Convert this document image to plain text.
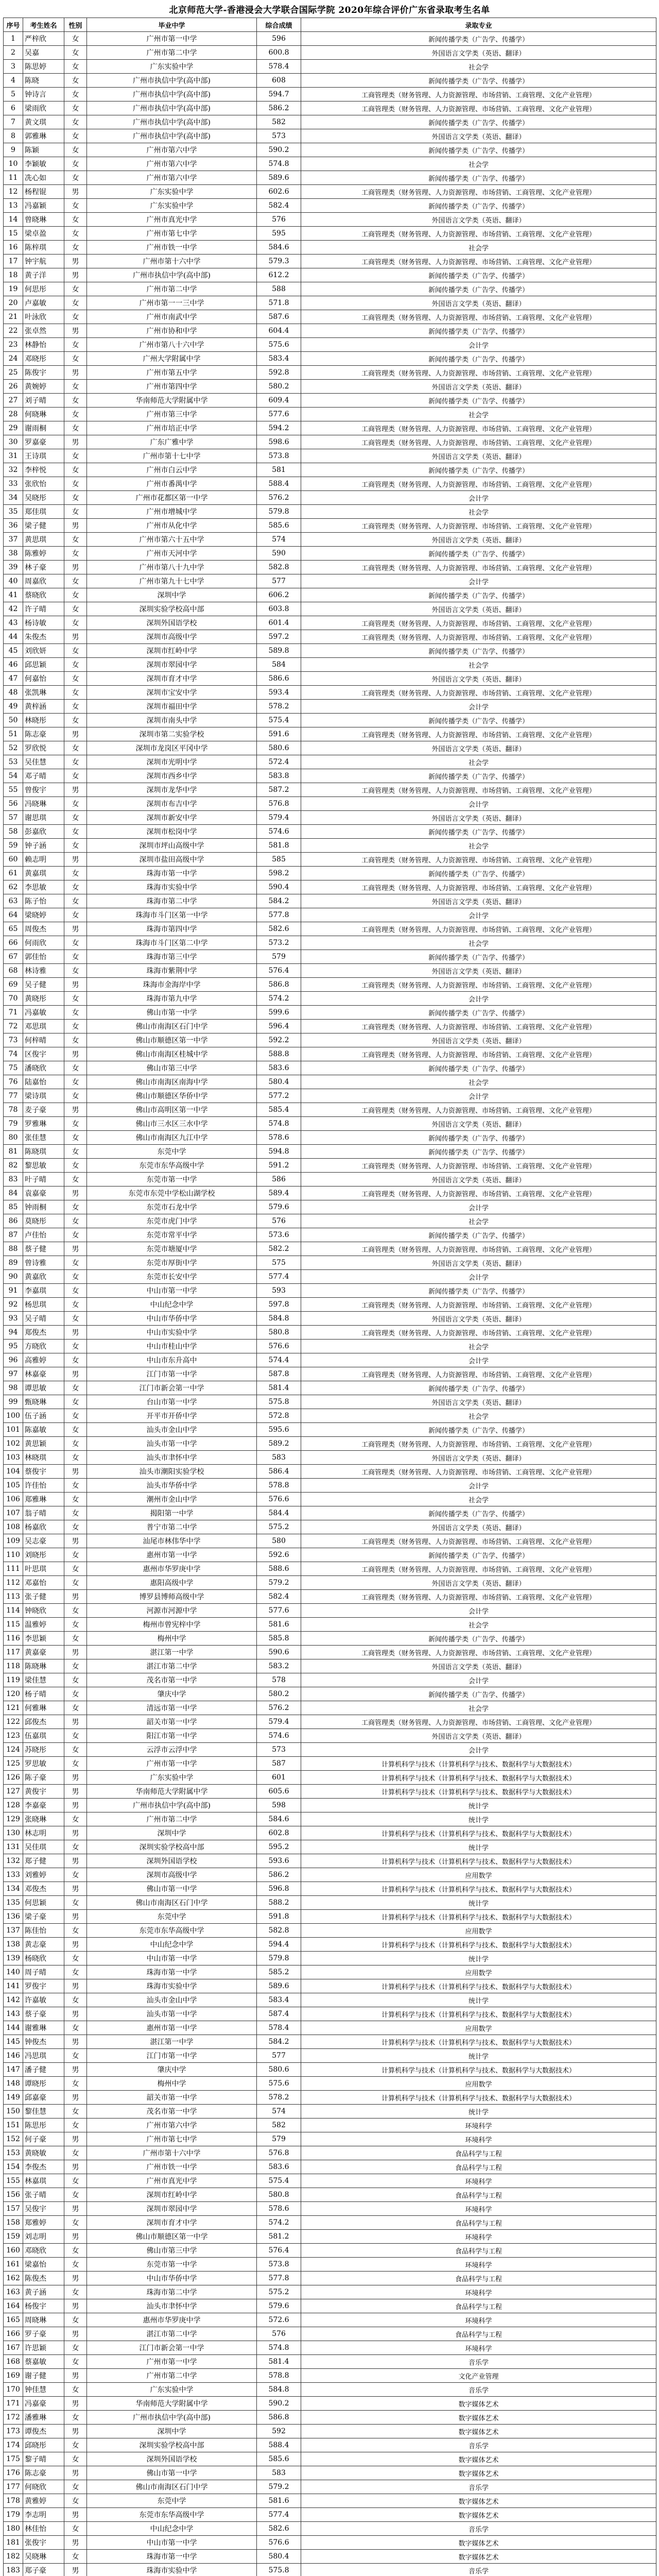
北京师范大学-香港浸会大学联合国际学院 2020年综合评价广东省录取考生名单
序号	考生姓名	性别	毕业中学	综合成绩	录取专业
1	严梓欣	女	广州市第一中学	596	新闻传播学类（广告学、传播学）
2	吴嘉	女	广州市第二中学	600.8	外国语言文学类（英语、翻译）
3	陈思婷	女	广东实验中学	578.4	社会学
4	陈晓	女	广州市执信中学(高中部)	608	新闻传播学类（广告学、传播学）
5	钟诗言	女	广州市执信中学(高中部)	594.7	工商管理类（财务管理、人力资源管理、市场营销、工商管理、文化产业管理）
6	梁雨欣	女	广州市执信中学(高中部)	586.2	工商管理类（财务管理、人力资源管理、市场营销、工商管理、文化产业管理）
7	黄文琪	女	广州市执信中学(高中部)	582	新闻传播学类（广告学、传播学）
8	郭雅琳	女	广州市执信中学(高中部)	573	外国语言文学类（英语、翻译）
9	陈颖	女	广州市第六中学	590.2	新闻传播学类（广告学、传播学）
10	李颖敏	女	广州市第六中学	574.8	社会学
11	冼心如	女	广州市第六中学	589.6	新闻传播学类（广告学、传播学）
12	杨程锟	男	广东实验中学	602.6	工商管理类（财务管理、人力资源管理、市场营销、工商管理、文化产业管理）
13	冯嘉颖	女	广东实验中学	582.4	新闻传播学类（广告学、传播学）
14	曾晓琳	女	广州市真光中学	576	外国语言文学类（英语、翻译）
15	梁卓盈	女	广州市第七中学	595	工商管理类（财务管理、人力资源管理、市场营销、工商管理、文化产业管理）
16	陈梓琪	女	广州市铁一中学	584.6	社会学
17	钟宇航	男	广州市第十六中学	579.3	工商管理类（财务管理、人力资源管理、市场营销、工商管理、文化产业管理）
18	黄子洋	男	广州市执信中学(高中部)	612.2	新闻传播学类（广告学、传播学）
19	何思彤	女	广州市第二中学	588	新闻传播学类（广告学、传播学）
20	卢嘉敏	女	广州市第一一三中学	571.8	外国语言文学类（英语、翻译）
21	叶泳欣	女	广州市南武中学	587.6	工商管理类（财务管理、人力资源管理、市场营销、工商管理、文化产业管理）
22	张卓然	男	广州市协和中学	604.4	新闻传播学类（广告学、传播学）
23	林静怡	女	广州市第八十六中学	575.6	会计学
24	邓晓彤	女	广州大学附属中学	583.4	新闻传播学类（广告学、传播学）
25	陈俊宇	男	广州市第五中学	592.8	工商管理类（财务管理、人力资源管理、市场营销、工商管理、文化产业管理）
26	黄婉婷	女	广州市第四中学	580.2	外国语言文学类（英语、翻译）
27	刘子晴	女	华南师范大学附属中学	609.4	新闻传播学类（广告学、传播学）
28	何晓琳	女	广州市第三中学	577.6	社会学
29	谢雨桐	女	广州市培正中学	594.2	工商管理类（财务管理、人力资源管理、市场营销、工商管理、文化产业管理）
30	罗嘉豪	男	广东广雅中学	598.6	工商管理类（财务管理、人力资源管理、市场营销、工商管理、文化产业管理）
31	王诗琪	女	广州市第十七中学	573.8	外国语言文学类（英语、翻译）
32	李梓悦	女	广州市白云中学	581	新闻传播学类（广告学、传播学）
33	张欣怡	女	广州市番禺中学	588.4	工商管理类（财务管理、人力资源管理、市场营销、工商管理、文化产业管理）
34	吴晓彤	女	广州市花都区第一中学	576.2	会计学
35	郑佳琪	女	广州市增城中学	579.8	社会学
36	梁子健	男	广州市从化中学	585.6	工商管理类（财务管理、人力资源管理、市场营销、工商管理、文化产业管理）
37	黄思琪	女	广州市第六十五中学	574	外国语言文学类（英语、翻译）
38	陈雅婷	女	广州市天河中学	590	新闻传播学类（广告学、传播学）
39	林子豪	男	广州市第八十九中学	582.8	工商管理类（财务管理、人力资源管理、市场营销、工商管理、文化产业管理）
40	周嘉欣	女	广州市第九十七中学	577	会计学
41	蔡晓欣	女	深圳中学	606.2	新闻传播学类（广告学、传播学）
42	许子晴	女	深圳实验学校高中部	603.8	外国语言文学类（英语、翻译）
43	杨诗敏	女	深圳外国语学校	601.4	工商管理类（财务管理、人力资源管理、市场营销、工商管理、文化产业管理）
44	朱俊杰	男	深圳市高级中学	597.2	工商管理类（财务管理、人力资源管理、市场营销、工商管理、文化产业管理）
45	刘欣妍	女	深圳市红岭中学	589.8	新闻传播学类（广告学、传播学）
46	邱思颖	女	深圳市翠园中学	584	社会学
47	何嘉怡	女	深圳市育才中学	586.6	外国语言文学类（英语、翻译）
48	张凯琳	女	深圳市宝安中学	593.4	工商管理类（财务管理、人力资源管理、市场营销、工商管理、文化产业管理）
49	黄梓涵	女	深圳市福田中学	578.2	会计学
50	林晓彤	女	深圳市南头中学	575.4	新闻传播学类（广告学、传播学）
51	陈志豪	男	深圳市第二实验学校	591.6	工商管理类（财务管理、人力资源管理、市场营销、工商管理、文化产业管理）
52	罗欣悦	女	深圳市龙岗区平冈中学	580.6	外国语言文学类（英语、翻译）
53	吴佳慧	女	深圳市光明中学	572.4	社会学
54	邓子晴	女	深圳市西乡中学	583.8	新闻传播学类（广告学、传播学）
55	曾俊宇	男	深圳市龙华中学	587.2	工商管理类（财务管理、人力资源管理、市场营销、工商管理、文化产业管理）
56	冯晓琳	女	深圳市布吉中学	576.8	会计学
57	谢思琪	女	深圳市新安中学	579.4	外国语言文学类（英语、翻译）
58	彭嘉欣	女	深圳市松岗中学	574.6	新闻传播学类（广告学、传播学）
59	钟子涵	女	深圳市坪山高级中学	581.8	社会学
60	赖志明	男	深圳市盐田高级中学	585	工商管理类（财务管理、人力资源管理、市场营销、工商管理、文化产业管理）
61	黄嘉琪	女	珠海市第一中学	598.2	新闻传播学类（广告学、传播学）
62	李思敏	女	珠海市实验中学	590.4	工商管理类（财务管理、人力资源管理、市场营销、工商管理、文化产业管理）
63	陈子怡	女	珠海市第二中学	584.2	外国语言文学类（英语、翻译）
64	梁晓婷	女	珠海市斗门区第一中学	577.8	会计学
65	周俊杰	男	珠海市第四中学	582.6	工商管理类（财务管理、人力资源管理、市场营销、工商管理、文化产业管理）
66	何雨欣	女	珠海市斗门区第二中学	573.2	社会学
67	郭佳怡	女	珠海市第三中学	579	新闻传播学类（广告学、传播学）
68	林诗雅	女	珠海市紫荆中学	576.4	外国语言文学类（英语、翻译）
69	吴子健	男	珠海市金海岸中学	586.8	工商管理类（财务管理、人力资源管理、市场营销、工商管理、文化产业管理）
70	黄晓彤	女	珠海市第九中学	574.2	会计学
71	冯嘉敏	女	佛山市第一中学	599.6	新闻传播学类（广告学、传播学）
72	邓思琪	女	佛山市南海区石门中学	596.4	工商管理类（财务管理、人力资源管理、市场营销、工商管理、文化产业管理）
73	何梓晴	女	佛山市顺德区第一中学	592.2	外国语言文学类（英语、翻译）
74	区俊宇	男	佛山市南海区桂城中学	588.8	工商管理类（财务管理、人力资源管理、市场营销、工商管理、文化产业管理）
75	潘晓欣	女	佛山市第三中学	583.6	新闻传播学类（广告学、传播学）
76	陆嘉怡	女	佛山市南海区南海中学	580.4	社会学
77	梁诗琪	女	佛山市顺德区华侨中学	577.2	会计学
78	麦子豪	男	佛山市高明区第一中学	585.4	工商管理类（财务管理、人力资源管理、市场营销、工商管理、文化产业管理）
79	罗雅琳	女	佛山市三水区三水中学	574.8	外国语言文学类（英语、翻译）
80	张佳慧	女	佛山市南海区九江中学	578.6	新闻传播学类（广告学、传播学）
81	陈晓琪	女	东莞中学	594.8	新闻传播学类（广告学、传播学）
82	黎思敏	女	东莞市东华高级中学	591.2	工商管理类（财务管理、人力资源管理、市场营销、工商管理、文化产业管理）
83	叶子晴	女	东莞市第一中学	586	外国语言文学类（英语、翻译）
84	袁嘉豪	男	东莞市东莞中学松山湖学校	589.4	工商管理类（财务管理、人力资源管理、市场营销、工商管理、文化产业管理）
85	钟雨桐	女	东莞市石龙中学	579.6	会计学
86	莫晓彤	女	东莞市虎门中学	576	社会学
87	卢佳怡	女	东莞市常平中学	573.6	新闻传播学类（广告学、传播学）
88	蔡子健	男	东莞市塘厦中学	582.2	工商管理类（财务管理、人力资源管理、市场营销、工商管理、文化产业管理）
89	曾诗雅	女	东莞市厚街中学	575	外国语言文学类（英语、翻译）
90	黄嘉欣	女	东莞市长安中学	577.4	会计学
91	李嘉琪	女	中山市第一中学	593	新闻传播学类（广告学、传播学）
92	杨思琪	女	中山纪念中学	597.8	工商管理类（财务管理、人力资源管理、市场营销、工商管理、文化产业管理）
93	吴子晴	女	中山市华侨中学	584.8	外国语言文学类（英语、翻译）
94	郑俊杰	男	中山市实验中学	580.8	工商管理类（财务管理、人力资源管理、市场营销、工商管理、文化产业管理）
95	方晓欣	女	中山市桂山中学	576.6	社会学
96	高雅婷	女	中山市东升高中	574.4	会计学
97	林嘉豪	男	江门市第一中学	587.8	工商管理类（财务管理、人力资源管理、市场营销、工商管理、文化产业管理）
98	谭思敏	女	江门市新会第一中学	581.4	新闻传播学类（广告学、传播学）
99	甄晓琳	女	台山市第一中学	575.8	外国语言文学类（英语、翻译）
100	伍子涵	女	开平市开侨中学	572.8	社会学
101	陈嘉敏	女	汕头市金山中学	595.6	新闻传播学类（广告学、传播学）
102	黄思颖	女	汕头市第一中学	589.2	工商管理类（财务管理、人力资源管理、市场营销、工商管理、文化产业管理）
103	林晓琪	女	汕头市聿怀中学	583	外国语言文学类（英语、翻译）
104	蔡俊宇	男	汕头市潮阳实验学校	586.4	工商管理类（财务管理、人力资源管理、市场营销、工商管理、文化产业管理）
105	许佳怡	女	汕头市华侨中学	578.8	会计学
106	郑雅琳	女	潮州市金山中学	576.6	社会学
107	翁子晴	女	揭阳第一中学	584.4	新闻传播学类（广告学、传播学）
108	杨嘉欣	女	普宁市第二中学	575.2	外国语言文学类（英语、翻译）
109	吴志豪	男	汕尾市林伟华中学	580	工商管理类（财务管理、人力资源管理、市场营销、工商管理、文化产业管理）
110	刘晓彤	女	惠州市第一中学	592.6	新闻传播学类（广告学、传播学）
111	叶思琪	女	惠州市华罗庚中学	588.6	工商管理类（财务管理、人力资源管理、市场营销、工商管理、文化产业管理）
112	邓嘉怡	女	惠阳高级中学	579.2	外国语言文学类（英语、翻译）
113	张子健	男	博罗县博师高级中学	582.4	工商管理类（财务管理、人力资源管理、市场营销、工商管理、文化产业管理）
114	钟晓欣	女	河源市河源中学	577.6	会计学
115	温雅婷	女	梅州市曾宪梓中学	581.6	社会学
116	李思颖	女	梅州中学	585.8	新闻传播学类（广告学、传播学）
117	黄嘉豪	男	湛江第一中学	590.6	工商管理类（财务管理、人力资源管理、市场营销、工商管理、文化产业管理）
118	陈晓琳	女	湛江市第二中学	583.2	外国语言文学类（英语、翻译）
119	梁佳慧	女	茂名市第一中学	578	会计学
120	杨子晴	女	肇庆中学	580.2	新闻传播学类（广告学、传播学）
121	何雅琳	女	清远市第一中学	576.2	社会学
122	邱俊杰	男	韶关市第一中学	579.4	工商管理类（财务管理、人力资源管理、市场营销、工商管理、文化产业管理）
123	伍嘉琪	女	阳江市第一中学	574.6	外国语言文学类（英语、翻译）
124	苏晓彤	女	云浮市云浮中学	573	会计学
125	罗思敏	女	广州市第一中学	587	计算机科学与技术（计算机科学与技术、数据科学与大数据技术）
126	陈子豪	男	广东实验中学	601	计算机科学与技术（计算机科学与技术、数据科学与大数据技术）
127	黄俊宇	男	华南师范大学附属中学	605.6	计算机科学与技术（计算机科学与技术、数据科学与大数据技术）
128	李嘉豪	男	广州市执信中学(高中部)	598	统计学
129	张晓琳	女	广州市第二中学	584.6	统计学
130	林志明	男	深圳中学	602.8	计算机科学与技术（计算机科学与技术、数据科学与大数据技术）
131	吴佳琪	女	深圳实验学校高中部	595.2	统计学
132	郑子健	男	深圳外国语学校	593.6	计算机科学与技术（计算机科学与技术、数据科学与大数据技术）
133	刘雅婷	女	深圳市高级中学	586.2	应用数学
134	邓俊杰	男	佛山市第一中学	596.8	计算机科学与技术（计算机科学与技术、数据科学与大数据技术）
135	何思颖	女	佛山市南海区石门中学	588.2	统计学
136	梁子豪	男	东莞中学	591.8	计算机科学与技术（计算机科学与技术、数据科学与大数据技术）
137	陈佳怡	女	东莞市东华高级中学	582.8	应用数学
138	黄志豪	男	中山纪念中学	594.4	计算机科学与技术（计算机科学与技术、数据科学与大数据技术）
139	杨晓欣	女	中山市第一中学	579.8	统计学
140	周子晴	女	珠海市第一中学	585.2	应用数学
141	罗俊宇	男	珠海市实验中学	589.6	计算机科学与技术（计算机科学与技术、数据科学与大数据技术）
142	许嘉敏	女	汕头市金山中学	583.4	统计学
143	蔡子豪	男	汕头市第一中学	587.4	计算机科学与技术（计算机科学与技术、数据科学与大数据技术）
144	谢雅琳	女	惠州市第一中学	578.4	应用数学
145	钟俊杰	男	湛江第一中学	584.2	计算机科学与技术（计算机科学与技术、数据科学与大数据技术）
146	冯思琪	女	江门市第一中学	577	统计学
147	潘子健	男	肇庆中学	580.6	计算机科学与技术（计算机科学与技术、数据科学与大数据技术）
148	谭晓彤	女	梅州中学	575.6	应用数学
149	邱嘉豪	男	韶关市第一中学	578.2	计算机科学与技术（计算机科学与技术、数据科学与大数据技术）
150	黎佳慧	女	茂名市第一中学	574	统计学
151	陈思彤	女	广州市第六中学	582	环境科学
152	何子豪	男	广州市第七中学	579	环境科学
153	黄晓敏	女	广州市第十六中学	576.8	食品科学与工程
154	李俊杰	男	广州市铁一中学	583.6	食品科学与工程
155	林嘉琪	女	广州市真光中学	575.4	环境科学
156	张子晴	女	深圳市红岭中学	580.8	食品科学与工程
157	吴俊宇	男	深圳市翠园中学	578.6	环境科学
158	郑雅婷	女	深圳市育才中学	574.2	食品科学与工程
159	刘志明	男	佛山市顺德区第一中学	581.2	环境科学
160	邓晓欣	女	佛山市第三中学	576.4	食品科学与工程
161	梁嘉怡	女	东莞市第一中学	573.8	环境科学
162	陈俊杰	男	中山市华侨中学	577.8	食品科学与工程
163	黄子涵	女	珠海市第二中学	575.2	环境科学
164	杨俊宇	男	汕头市聿怀中学	579.6	食品科学与工程
165	周晓琳	女	惠州市华罗庚中学	572.6	环境科学
166	罗子豪	男	湛江市第二中学	576	食品科学与工程
167	许思颖	女	江门市新会第一中学	574.8	环境科学
168	蔡嘉敏	女	广州市第一中学	581.4	音乐学
169	谢子健	男	广州市第二中学	578.8	文化产业管理
170	钟佳慧	女	广东实验中学	584.8	音乐学
171	冯嘉豪	男	华南师范大学附属中学	590.2	数字媒体艺术
172	潘雅琳	女	广州市执信中学(高中部)	586.8	数字媒体艺术
173	谭俊杰	男	深圳中学	592	数字媒体艺术
174	邱晓彤	女	深圳实验学校高中部	588.4	音乐学
175	黎子晴	女	深圳外国语学校	585.6	数字媒体艺术
176	陈志豪	男	佛山市第一中学	583	数字媒体艺术
177	何晓欣	女	佛山市南海区石门中学	579.2	音乐学
178	黄雅婷	女	东莞中学	581.6	数字媒体艺术
179	李志明	男	东莞市东华高级中学	577.4	数字媒体艺术
180	林佳怡	女	中山纪念中学	582.6	音乐学
181	张俊宇	男	中山市第一中学	576.6	数字媒体艺术
182	吴晓琳	女	珠海市第一中学	580.4	数字媒体艺术
183	郑子豪	男	珠海市实验中学	575.8	音乐学
